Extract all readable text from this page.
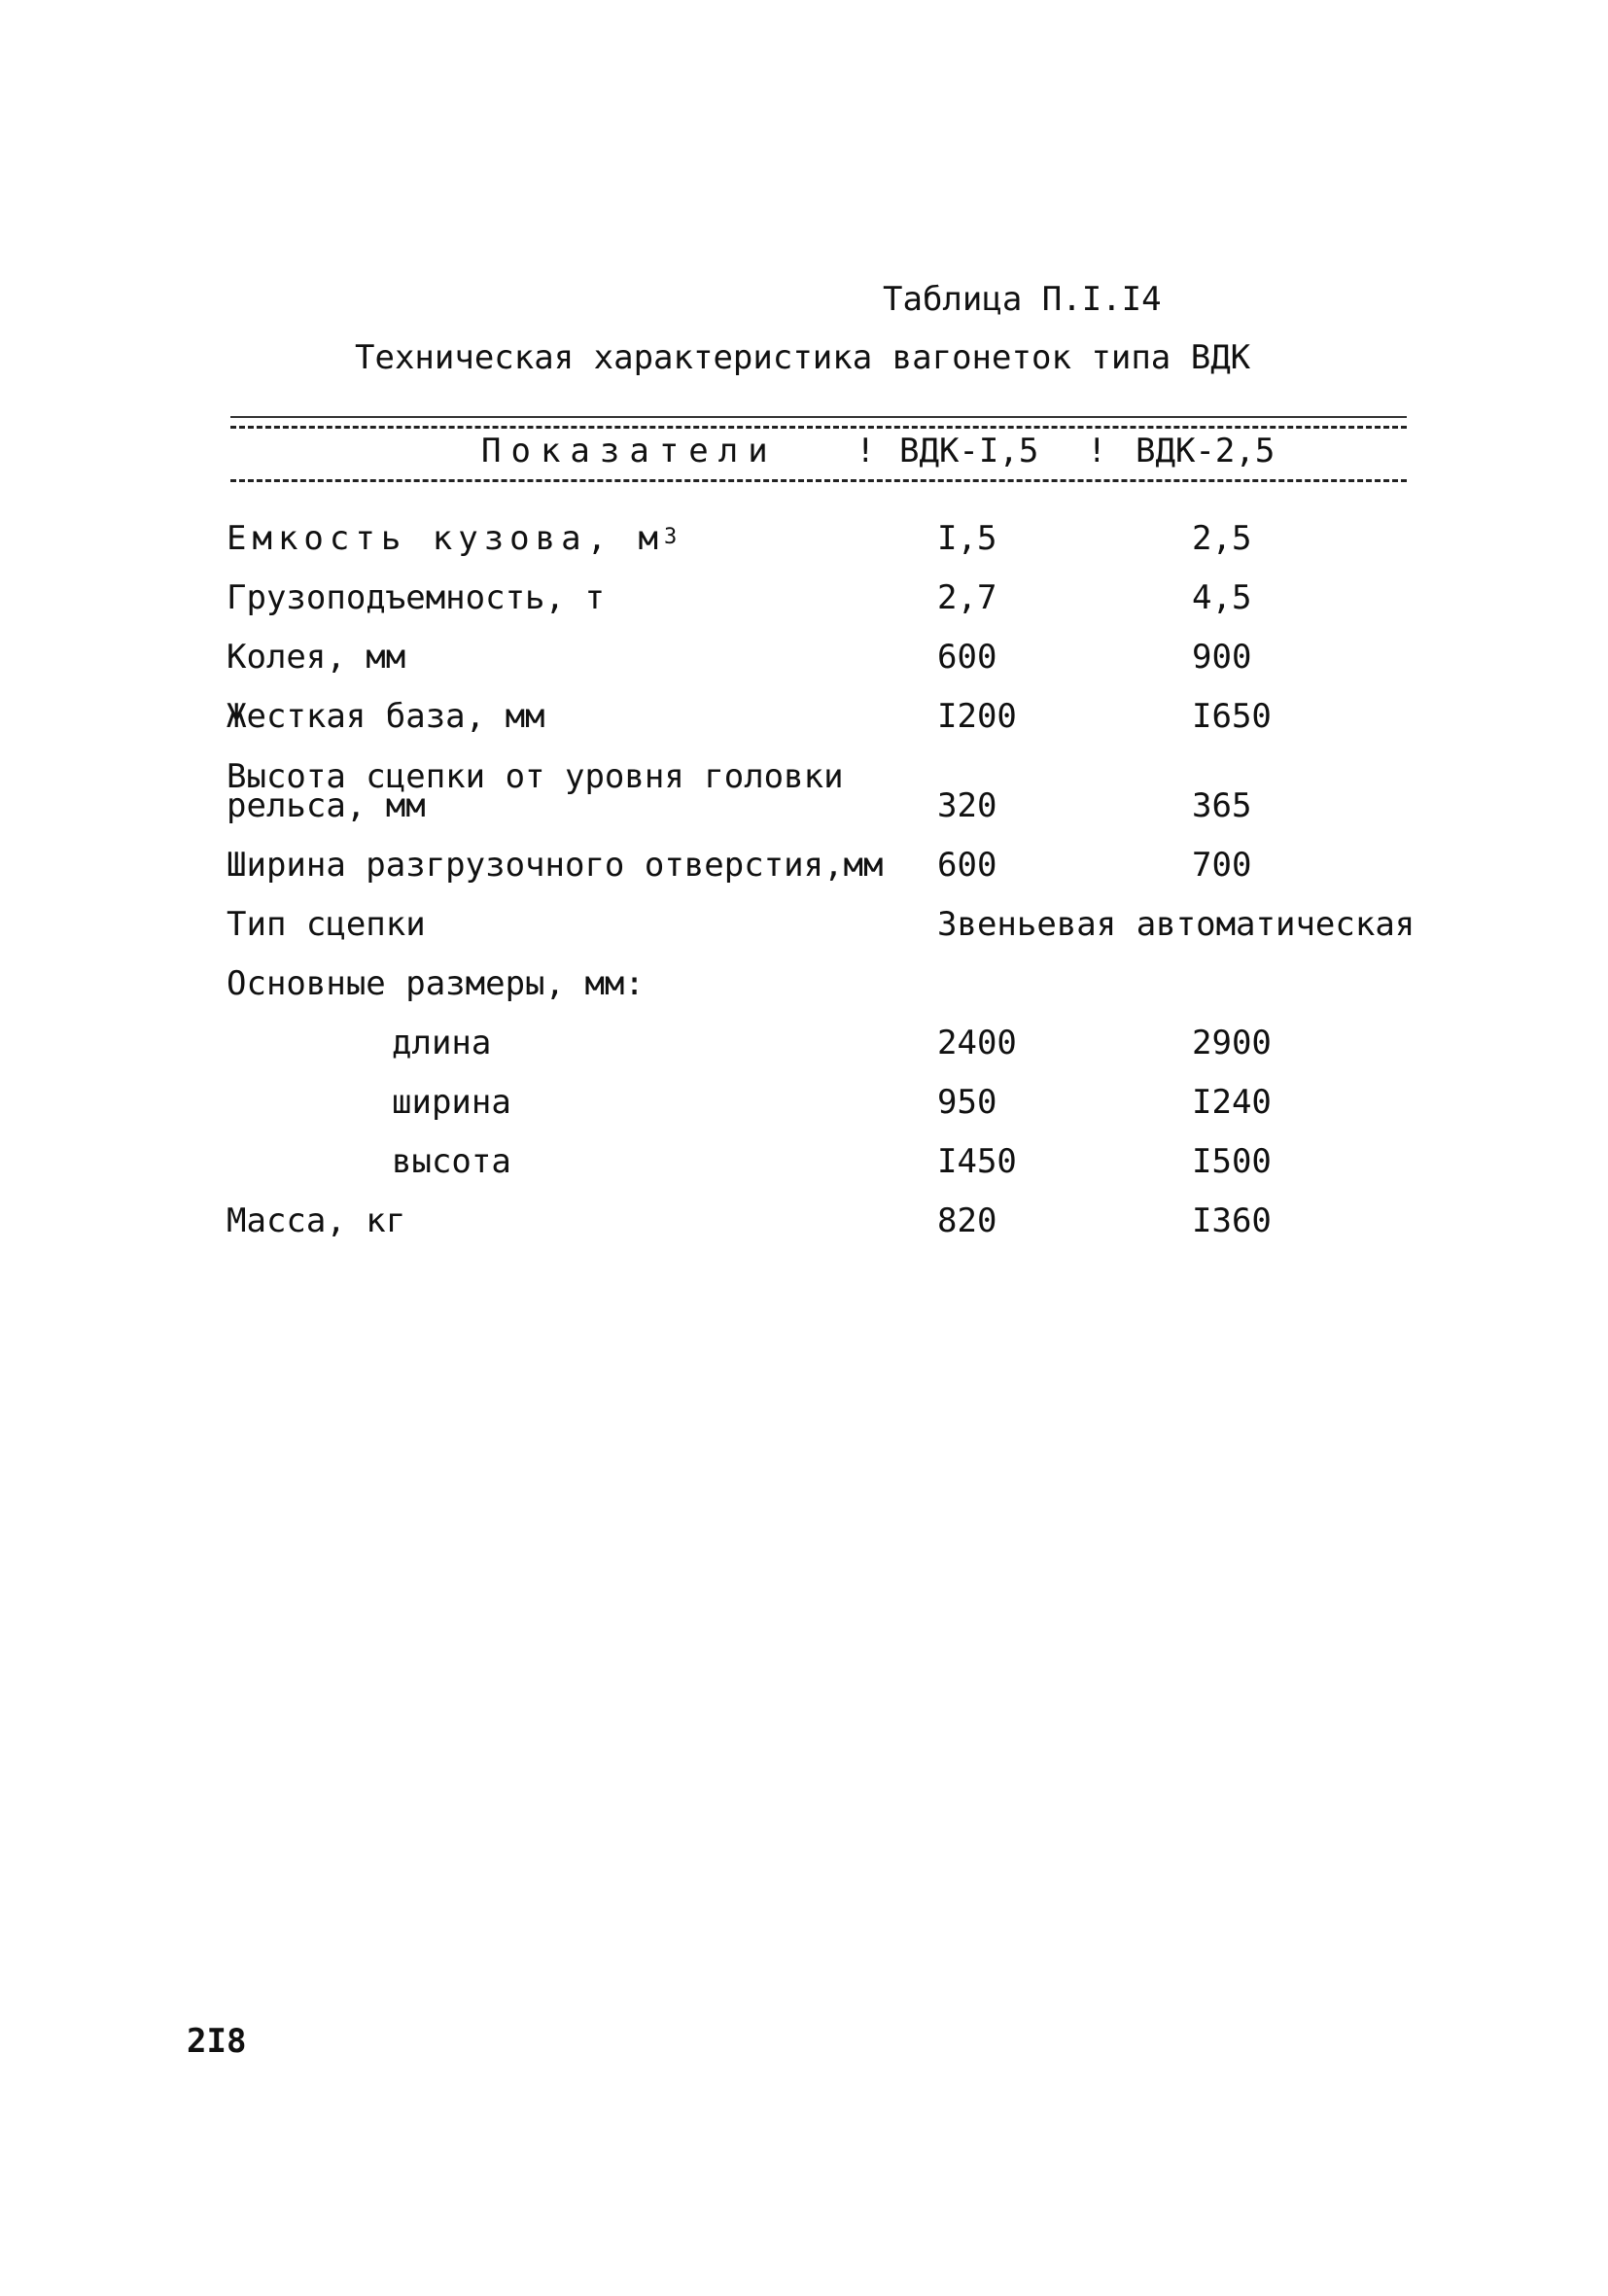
Таблица П.I.I4
Техническая характеристика вагонеток типа ВДК
Показатели ! ВДК-I,5 ! ВДК-2,5
Емкость кузова, $м^3$	I,5	2,5
Грузоподъемность, т	2,7	4,5
Колея, мм	600	900
Жесткая база, мм	I200	I650
Высота сцепки от уровня головки
рельса, мм	320	365
Ширина разгрузочного отверстия,мм 600	700
Тип сцепки	Звеньевая автоматическая
Основные размеры, мм:
длина	2400	2900
ширина	950	I240
высота	I450	I500
Масса, кг	820	I360
2I8
